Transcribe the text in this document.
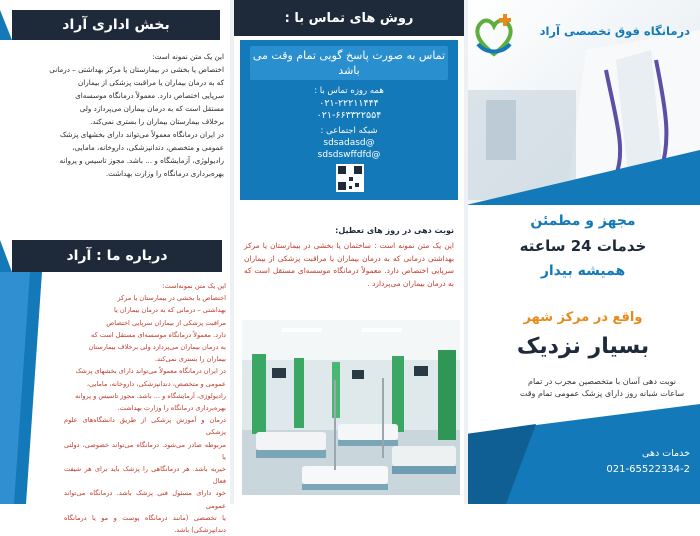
بخش اداری آراد
این یک متن نمونه است:
اختصاص یا بخشی در بیمارستان یا مرکز بهداشتی – درمانی
که به درمان بیماران یا مراقبت پزشکی از بیماران
سرپایی اختصاص دارد. معمولاً درمانگاه موسسه‌ای
مستقل است که به درمان بیماران می‌پردازد ولی
برخلاف بیمارستان بیماران را بستری نمی‌کند.
در ایران درمانگاه معمولاً می‌تواند دارای بخشهای پزشک
عمومی و متخصص، دندانپزشکی، داروخانه، مامایی،
رادیولوژی، آزمایشگاه و ... باشد. مجوز تاسیس و پروانه
بهره‌برداری درمانگاه را وزارت بهداشت.
درباره ما : آراد
این یک متن نمونه‌است:
اختصاص یا بخشی در بیمارستان یا مرکز
بهداشتی – درمانی که به درمان بیماران یا
مراقبت پزشکی از بیماران سرپایی اختصاص
دارد. معمولاً درمانگاه موسسه‌ای مستقل است که
به درمان بیماران می‌پردازد ولی برخلاف بیمارستان
بیماران را بستری نمی‌کند.
در ایران درمانگاه معمولاً می‌تواند دارای بخشهای پزشک
عمومی و متخصص، دندانپزشکی، داروخانه، مامایی،
رادیولوژی، آزمایشگاه و ... باشد. مجوز تاسیس و پروانه
بهره‌برداری درمانگاه را وزارت بهداشت.
درمان و آموزش پزشکی از طریق دانشگاه‌های علوم پزشکی
مربوطه صادر می‌شود. درمانگاه می‌تواند خصوصی، دولتی یا
خیریه باشد. هر درمانگاهی را پزشک باید برای هر شیفت فعال
خود دارای مسئول فنی پزشک باشد. درمانگاه می‌تواند عمومی
یا تخصصی (مانند درمانگاه پوست و مو یا درمانگاه دندانپزشکی) باشد.
روش های تماس با :
تماس به صورت پاسخ گویی تمام وقت می باشد
همه روزه تماس با :
۰۲۱-۲۲۲۱۱۴۴۴
۰۲۱-۶۶۳۳۲۲۵۵۴
شبکه اجتماعی :
sdsadasd@
sdsdswffdfd@
نوبت دهی در روز های تعطیل:
این یک متن نمونه است : ساختمان یا بخشی در بیمارستان یا مرکز بهداشتی درمانی که به درمان بیماران یا مراقبت پزشکی از بیماران سرپایی اختصاص دارد. معمولاً درمانگاه موسسه‌ای مستقل است که به درمان بیماران می‌پردازد .
درمانگاه فوق تخصصی آراد
مجهز و مطمئن
خدمات 24 ساعته
همیشه بیدار
واقع در مرکز شهر
بسیار نزدیک
نوبت دهی آسان با متخصصین مجرب در تمام ساعات شبانه روز دارای پزشک عمومی تمام وقت
خدمات دهی
021-65522334-2
